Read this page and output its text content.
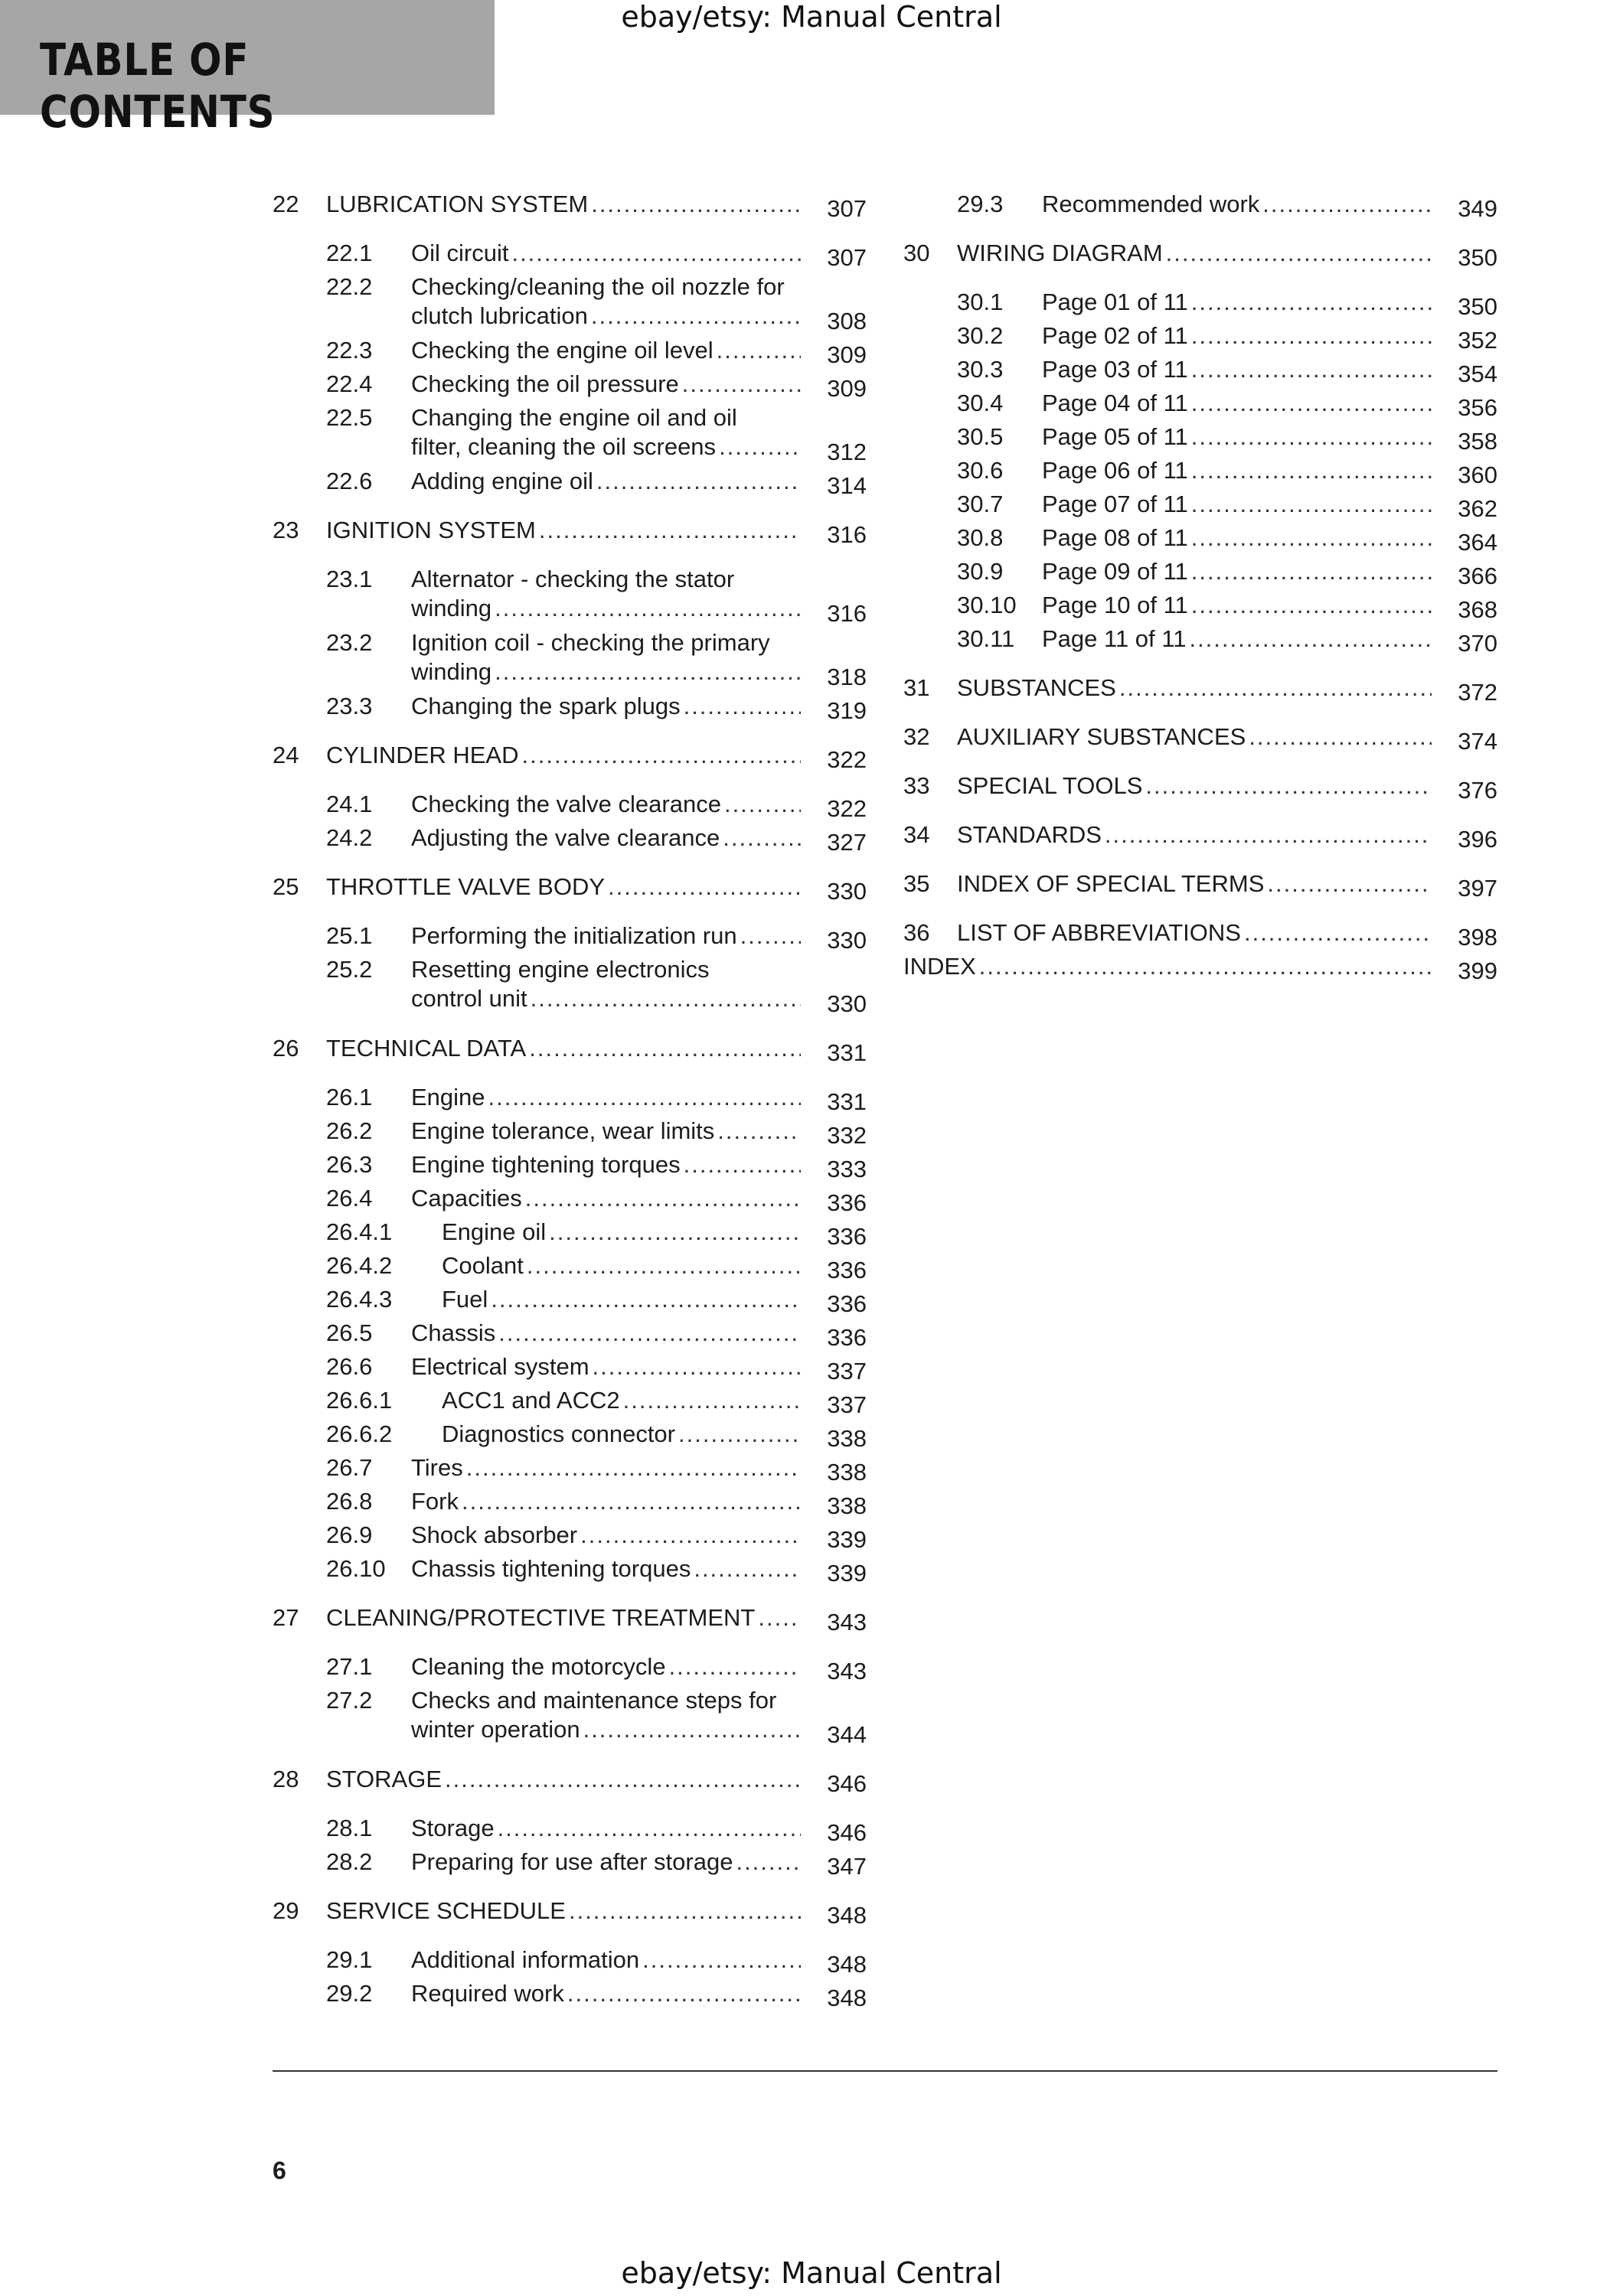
ebay/etsy: Manual Central
TABLE OF CONTENTS
22 LUBRICATION SYSTEM .....	307
22.1 Oil circuit .....	307
22.2 Checking/cleaning the oil nozzle for
clutch lubrication .....	308
22.3 Checking the engine oil level .....	309
22.4 Checking the oil pressure .....	309
22.5 Changing the engine oil and oil
filter, cleaning the oil screens .....	312
22.6 Adding engine oil .....	314
23 IGNITION SYSTEM .....	316
23.1 Alternator - checking the stator
winding .....	316
23.2 Ignition coil - checking the primary
winding .....	318
23.3 Changing the spark plugs .....	319
24 CYLINDER HEAD .....	322
24.1 Checking the valve clearance .....	322
24.2 Adjusting the valve clearance .....	327
25 THROTTLE VALVE BODY .....	330
25.1 Performing the initialization run .....	330
25.2 Resetting engine electronics
control unit .....	330
26 TECHNICAL DATA .....	331
26.1 Engine .....	331
26.2 Engine tolerance, wear limits .....	332
26.3 Engine tightening torques .....	333
26.4 Capacities .....	336
26.4.1 Engine oil .....	336
26.4.2 Coolant .....	336
26.4.3 Fuel .....	336
26.5 Chassis .....	336
26.6 Electrical system .....	337
26.6.1 ACC1 and ACC2 .....	337
26.6.2 Diagnostics connector .....	338
26.7 Tires .....	338
26.8 Fork .....	338
26.9 Shock absorber .....	339
26.10 Chassis tightening torques .....	339
27 CLEANING/PROTECTIVE TREATMENT .....	343
27.1 Cleaning the motorcycle .....	343
27.2 Checks and maintenance steps for
winter operation .....	344
28 STORAGE .....	346
28.1 Storage .....	346
28.2 Preparing for use after storage .....	347
29 SERVICE SCHEDULE .....	348
29.1 Additional information .....	348
29.2 Required work .....	348
29.3 Recommended work .....	349
30 WIRING DIAGRAM .....	350
30.1 Page 01 of 11 .....	350
30.2 Page 02 of 11 .....	352
30.3 Page 03 of 11 .....	354
30.4 Page 04 of 11 .....	356
30.5 Page 05 of 11 .....	358
30.6 Page 06 of 11 .....	360
30.7 Page 07 of 11 .....	362
30.8 Page 08 of 11 .....	364
30.9 Page 09 of 11 .....	366
30.10 Page 10 of 11 .....	368
30.11 Page 11 of 11 .....	370
31 SUBSTANCES .....	372
32 AUXILIARY SUBSTANCES .....	374
33 SPECIAL TOOLS .....	376
34 STANDARDS .....	396
35 INDEX OF SPECIAL TERMS .....	397
36 LIST OF ABBREVIATIONS .....	398
INDEX .....	399
6
ebay/etsy: Manual Central
